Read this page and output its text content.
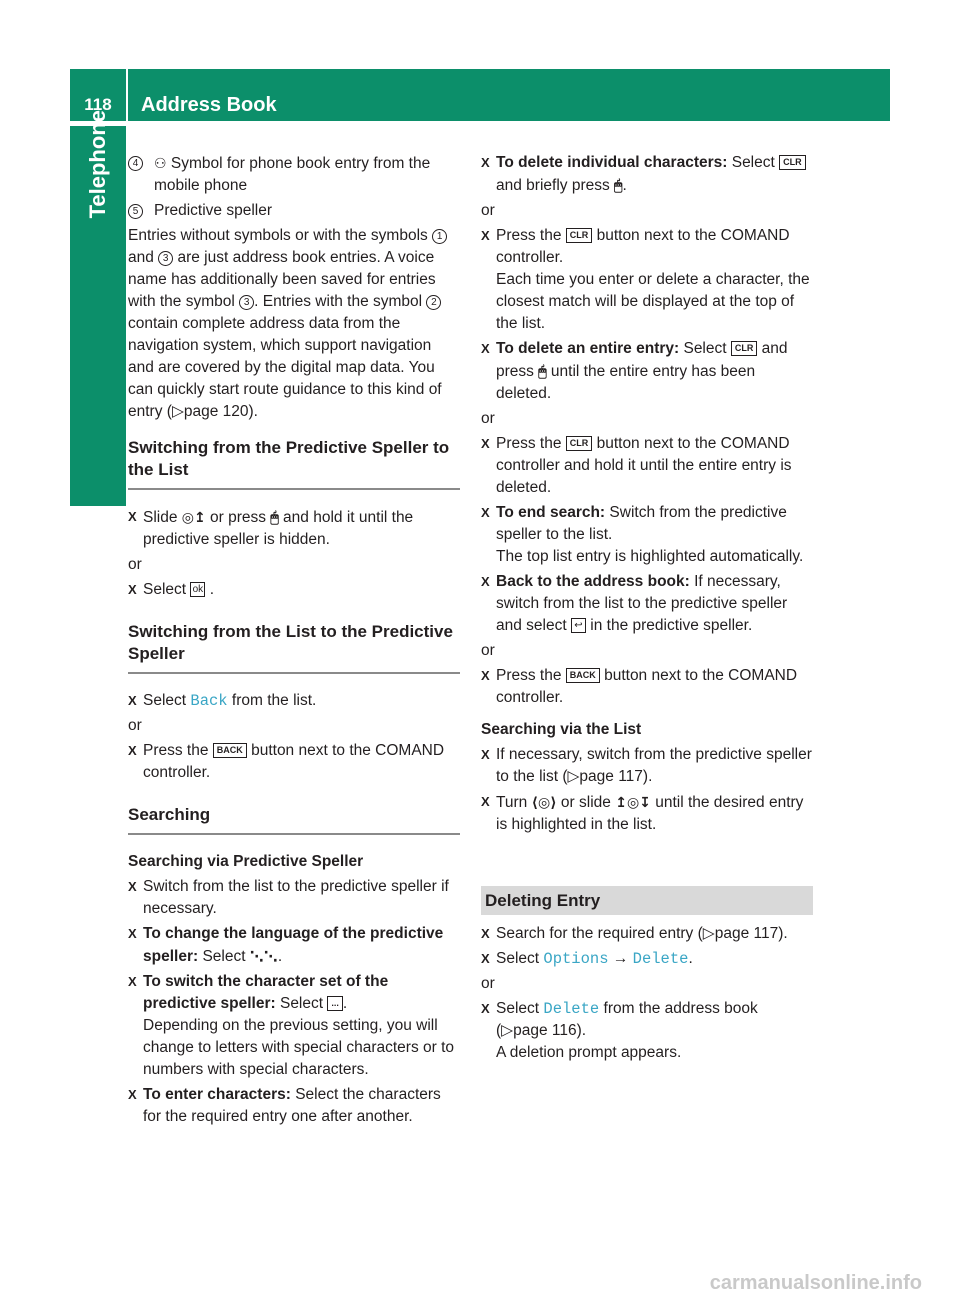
118	Address Book
Telephone	4	⚇ Symbol for phone book entry from the mobile phone
5	Predictive speller

Entries without symbols or with the symbols 1 and 3 are just address book entries. A voice name has additionally been saved for entries with the symbol 3 . Entries with the symbol 2 contain complete address data from the navigation system, which support navigation and are covered by the digital map data. You can quickly start route guidance to this kind of entry (▷page 120).

Switching from the Predictive Speller to the List
X Slide ◎↥ or press 🖱 and hold it until the predictive speller is hidden.

or

X Select ok .
Switching from the List to the Predictive Speller
X Select Back from the list.

or

X Press the BACK button next to the COMAND controller.
Searching

Searching via Predictive Speller

X Switch from the list to the predictive speller if necessary.
X To change the language of the predictive speller: Select ⋱⋱.
X To switch the character set of the predictive speller: Select ... .
Depending on the previous setting, you will change to letters with special characters or to numbers with special characters.
X To enter characters: Select the characters for the required entry one after another.
X To delete individual characters: Select CLR and briefly press 🖱.

or

X Press the CLR button next to the COMAND controller.
Each time you enter or delete a character, the closest match will be displayed at the top of the list.
X To delete an entire entry: Select CLR and press 🖱 until the entire entry has been deleted.

or

X Press the CLR button next to the COMAND controller and hold it until the entire entry is deleted.
X To end search: Switch from the predictive speller to the list.
The top list entry is highlighted automatically.
X Back to the address book: If necessary, switch from the list to the predictive speller and select ↩ in the predictive speller.

or

X Press the BACK button next to the COMAND controller.

Searching via the List

X If necessary, switch from the predictive speller to the list (▷page 117).
X Turn ⟨◎⟩ or slide ↥◎↧ until the desired entry is highlighted in the list.
Deleting Entry
X Search for the required entry (▷page 117).
X Select Options → Delete.

or

X Select Delete from the address book (▷page 116).
A deletion prompt appears.
carmanualsonline.info
